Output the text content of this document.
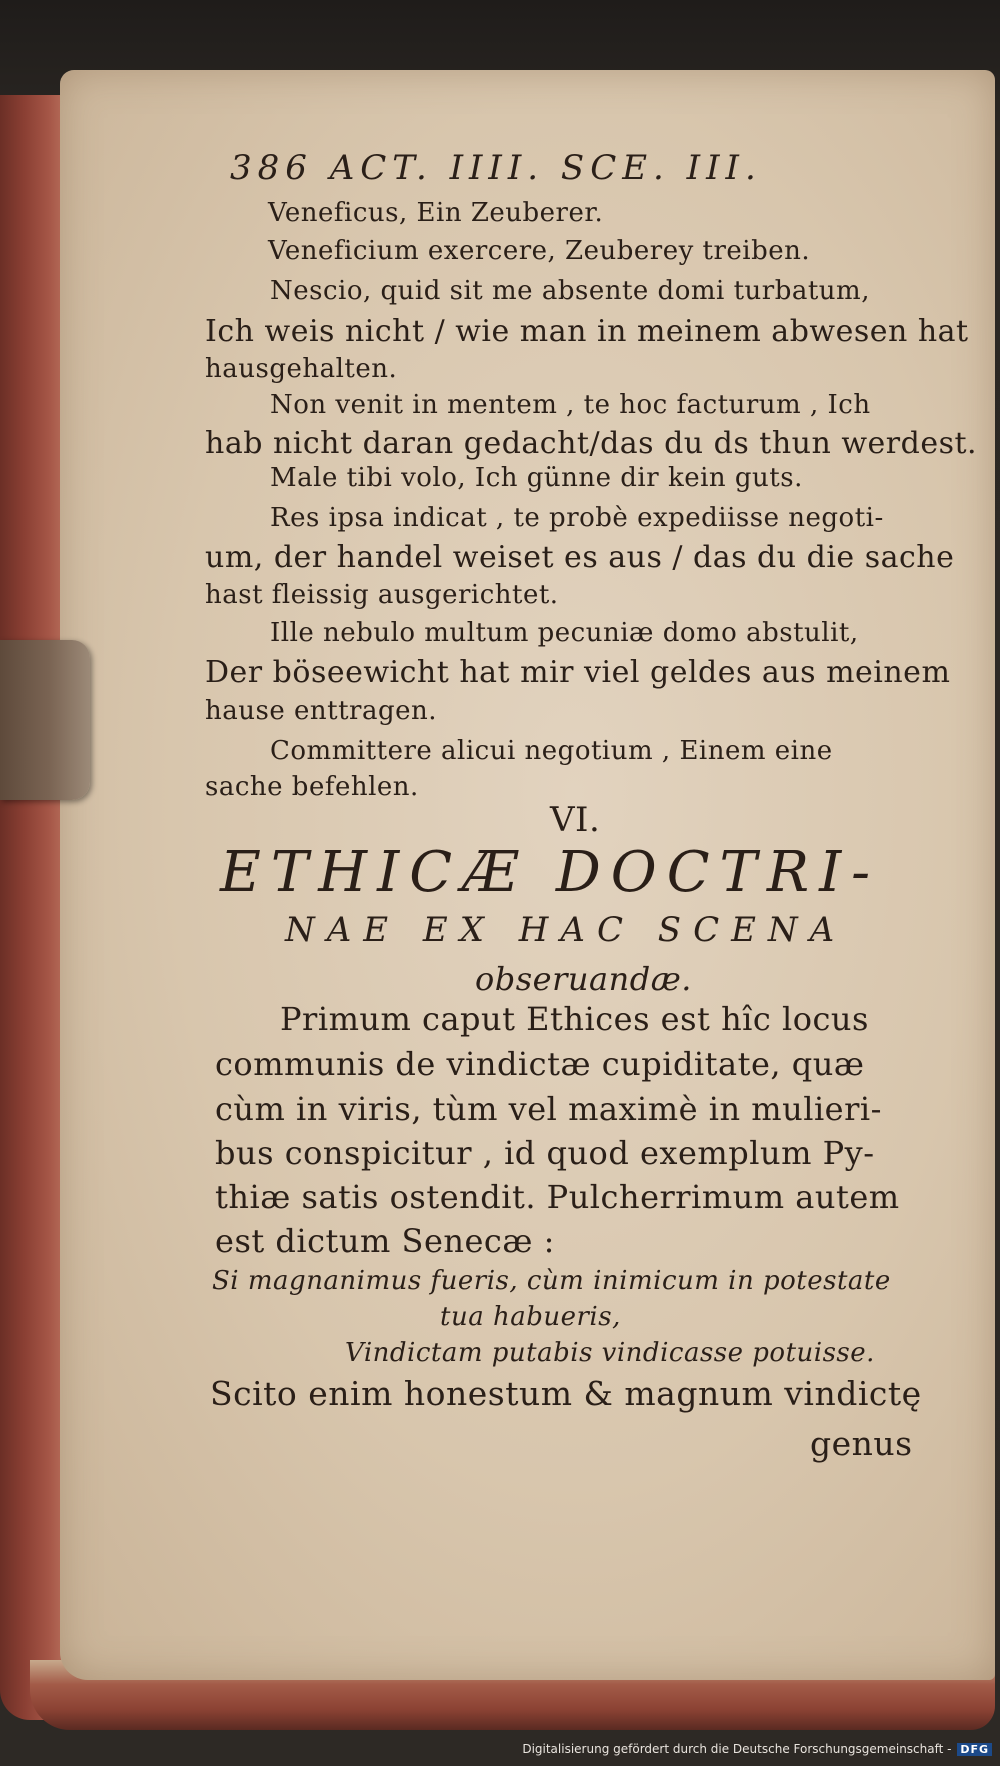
386 ACT. IIII. SCE. III.
Veneficus, Ein Zeuberer.
Veneficium exercere, Zeuberey treiben.
Nescio, quid sit me absente domi turbatum,
Ich weis nicht / wie man in meinem abwesen hat
hausgehalten.
Non venit in mentem , te hoc facturum , Ich
hab nicht daran gedacht/das du ds thun werdest.
Male tibi volo, Ich günne dir kein guts.
Res ipsa indicat , te probè expediisse negoti-
um, der handel weiset es aus / das du die sache
hast fleissig ausgerichtet.
Ille nebulo multum pecuniæ domo abstulit,
Der böseewicht hat mir viel geldes aus meinem
hause enttragen.
Committere alicui negotium , Einem eine
sache befehlen.
VI.
ETHICÆ DOCTRI-
NAE EX HAC SCENA
obseruandæ.
Primum caput Ethices est hîc locus
communis de vindictæ cupiditate, quæ
cùm in viris, tùm vel maximè in mulieri-
bus conspicitur , id quod exemplum Py-
thiæ satis ostendit. Pulcherrimum autem
est dictum Senecæ :
Si magnanimus fueris, cùm inimicum in potestate
tua habueris,
Vindictam putabis vindicasse potuisse.
Scito enim honestum & magnum vindictę
genus
Digitalisierung gefördert durch die Deutsche Forschungsgemeinschaft - DFG
